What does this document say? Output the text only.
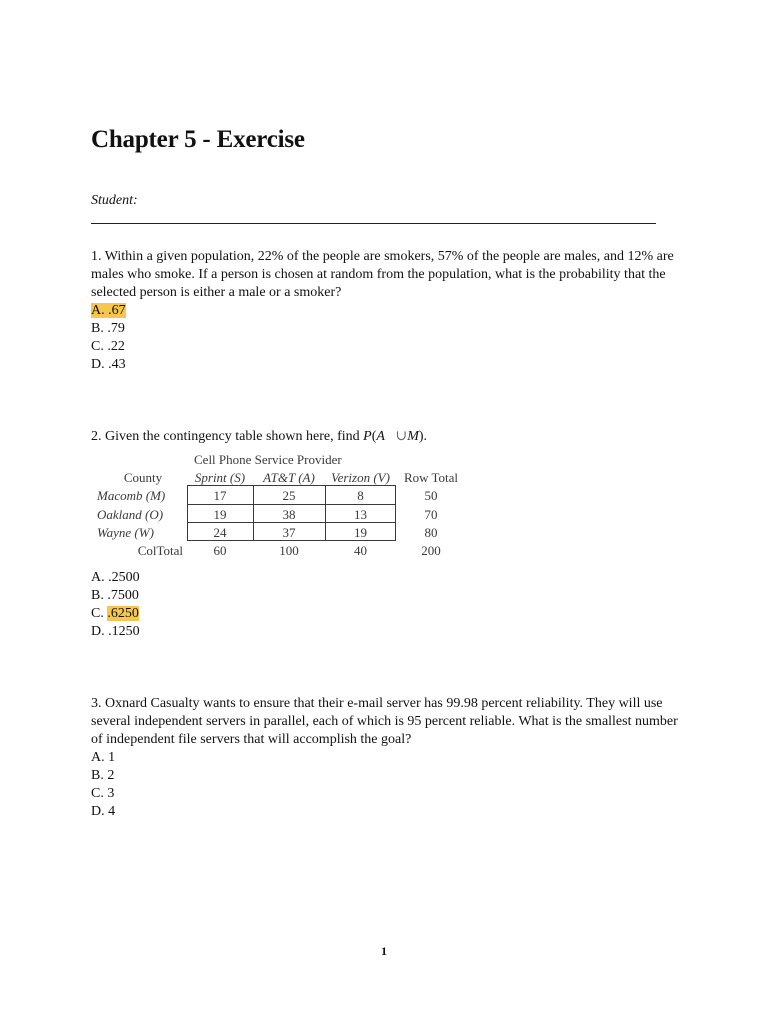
Chapter 5 - Exercise
Student:

1. Within a given population, 22% of the people are smokers, 57% of the people are males, and 12% are males who smoke. If a person is chosen at random from the population, what is the probability that the selected person is either a male or a smoker?

A. .67

B. .79

C. .22

D. .43

2. Given the contingency table shown here, find P(A ∪M).
Cell Phone Service Provider
County	Sprint (S)	AT&T (A)	Verizon (V)	Row Total
Macomb (M)	17	25	8	50
Oakland (O)	19	38	13	70
Wayne (W)	24	37	19	80
ColTotal	60	100	40	200

A. .2500

B. .7500

C. .6250

D. .1250

3. Oxnard Casualty wants to ensure that their e-mail server has 99.98 percent reliability. They will use several independent servers in parallel, each of which is 95 percent reliable. What is the smallest number of independent file servers that will accomplish the goal?

A. 1

B. 2

C. 3

D. 4

1
